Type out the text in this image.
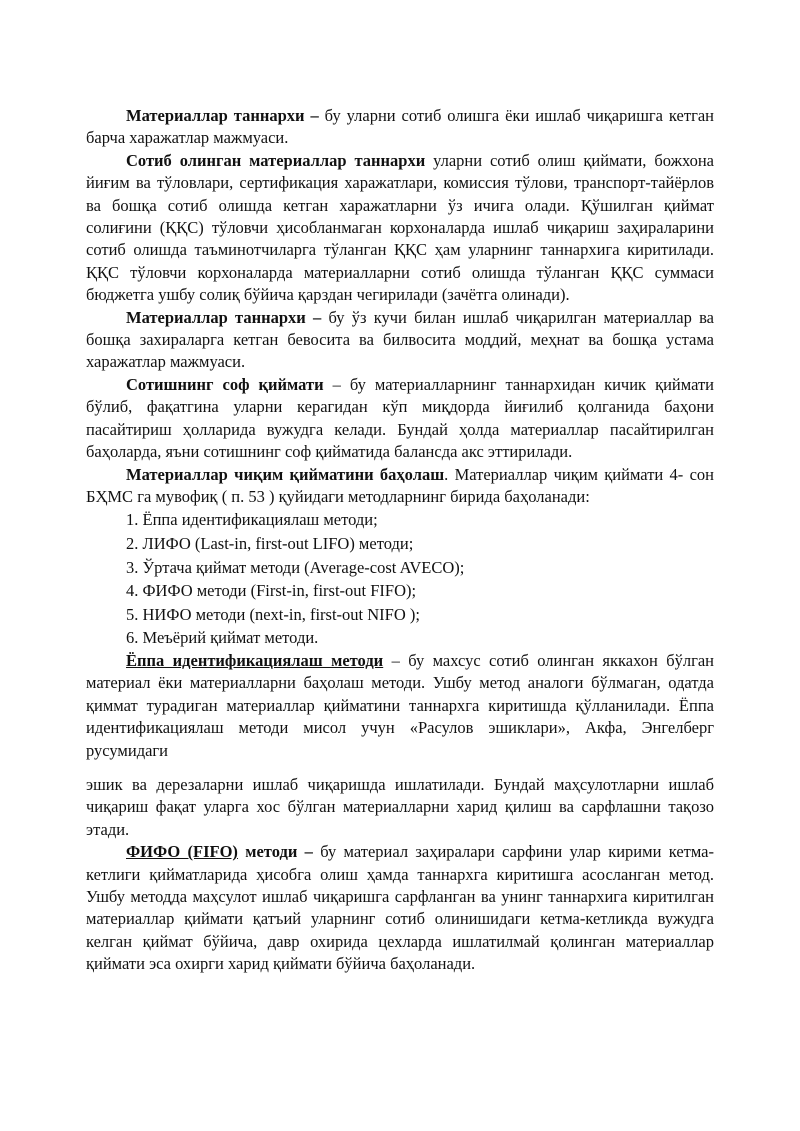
Материаллар таннархи – бу уларни сотиб олишга ёки ишлаб чиқаришга кетган барча харажатлар мажмуаси.

Сотиб олинган материаллар таннархи уларни сотиб олиш қиймати, божхона йиғим ва тўловлари, сертификация харажатлари, комиссия тўлови, транспорт-тайёрлов ва бошқа сотиб олишда кетган харажатларни ўз ичига олади. Қўшилган қиймат солиғини (ҚҚС) тўловчи ҳисобланмаган корхоналарда ишлаб чиқариш заҳираларини сотиб олишда таъминотчиларга тўланган ҚҚС ҳам уларнинг таннархига киритилади. ҚҚС тўловчи корхоналарда материалларни сотиб олишда тўланган ҚҚС суммаси бюджетга ушбу солиқ бўйича қарздан чегирилади (зачётга олинади).

Материаллар таннархи – бу ўз кучи билан ишлаб чиқарилган материаллар ва бошқа захираларга кетган бевосита ва билвосита моддий, меҳнат ва бошқа устама харажатлар мажмуаси.

Сотишнинг соф қиймати – бу материалларнинг таннархидан кичик қиймати бўлиб, фақатгина уларни керагидан кўп миқдорда йиғилиб қолганида баҳони пасайтириш ҳолларида вужудга келади. Бундай ҳолда материаллар пасайтирилган баҳоларда, яъни сотишнинг соф қийматида балансда акс эттирилади.

Материаллар чиқим қийматини баҳолаш. Материаллар чиқим қиймати 4- сон БҲМС га мувофиқ ( п. 53 ) қуйидаги методларнинг бирида баҳоланади:

1. Ёппа идентификациялаш методи;
2. ЛИФО (Last-in, first-out LIFO) методи;
3. Ўртача қиймат методи (Average-cost AVECO);
4. ФИФО методи (First-in, first-out FIFO);
5. НИФО методи (next-in, first-out NIFO );
6. Меъёрий қиймат методи.

Ёппа идентификациялаш методи – бу махсус сотиб олинган яккахон бўлган материал ёки материалларни баҳолаш методи. Ушбу метод аналоги бўлмаган, одатда қиммат турадиган материаллар қийматини таннархга киритишда қўлланилади. Ёппа идентификациялаш методи мисол учун «Расулов эшиклари», Акфа, Энгелберг русумидаги

эшик ва дерезаларни ишлаб чиқаришда ишлатилади. Бундай маҳсулотларни ишлаб чиқариш фақат уларга хос бўлган материалларни харид қилиш ва сарфлашни тақозо этади.

ФИФО (FIFO) методи – бу материал заҳиралари сарфини улар кирими кетма-кетлиги қийматларида ҳисобга олиш ҳамда таннархга киритишга асосланган метод. Ушбу методда маҳсулот ишлаб чиқаришга сарфланган ва унинг таннархига киритилган материаллар қиймати қатъий уларнинг сотиб олинишидаги кетма-кетликда вужудга келган қиймат бўйича, давр охирида цехларда ишлатилмай қолинган материаллар қиймати эса охирги харид қиймати бўйича баҳоланади.
